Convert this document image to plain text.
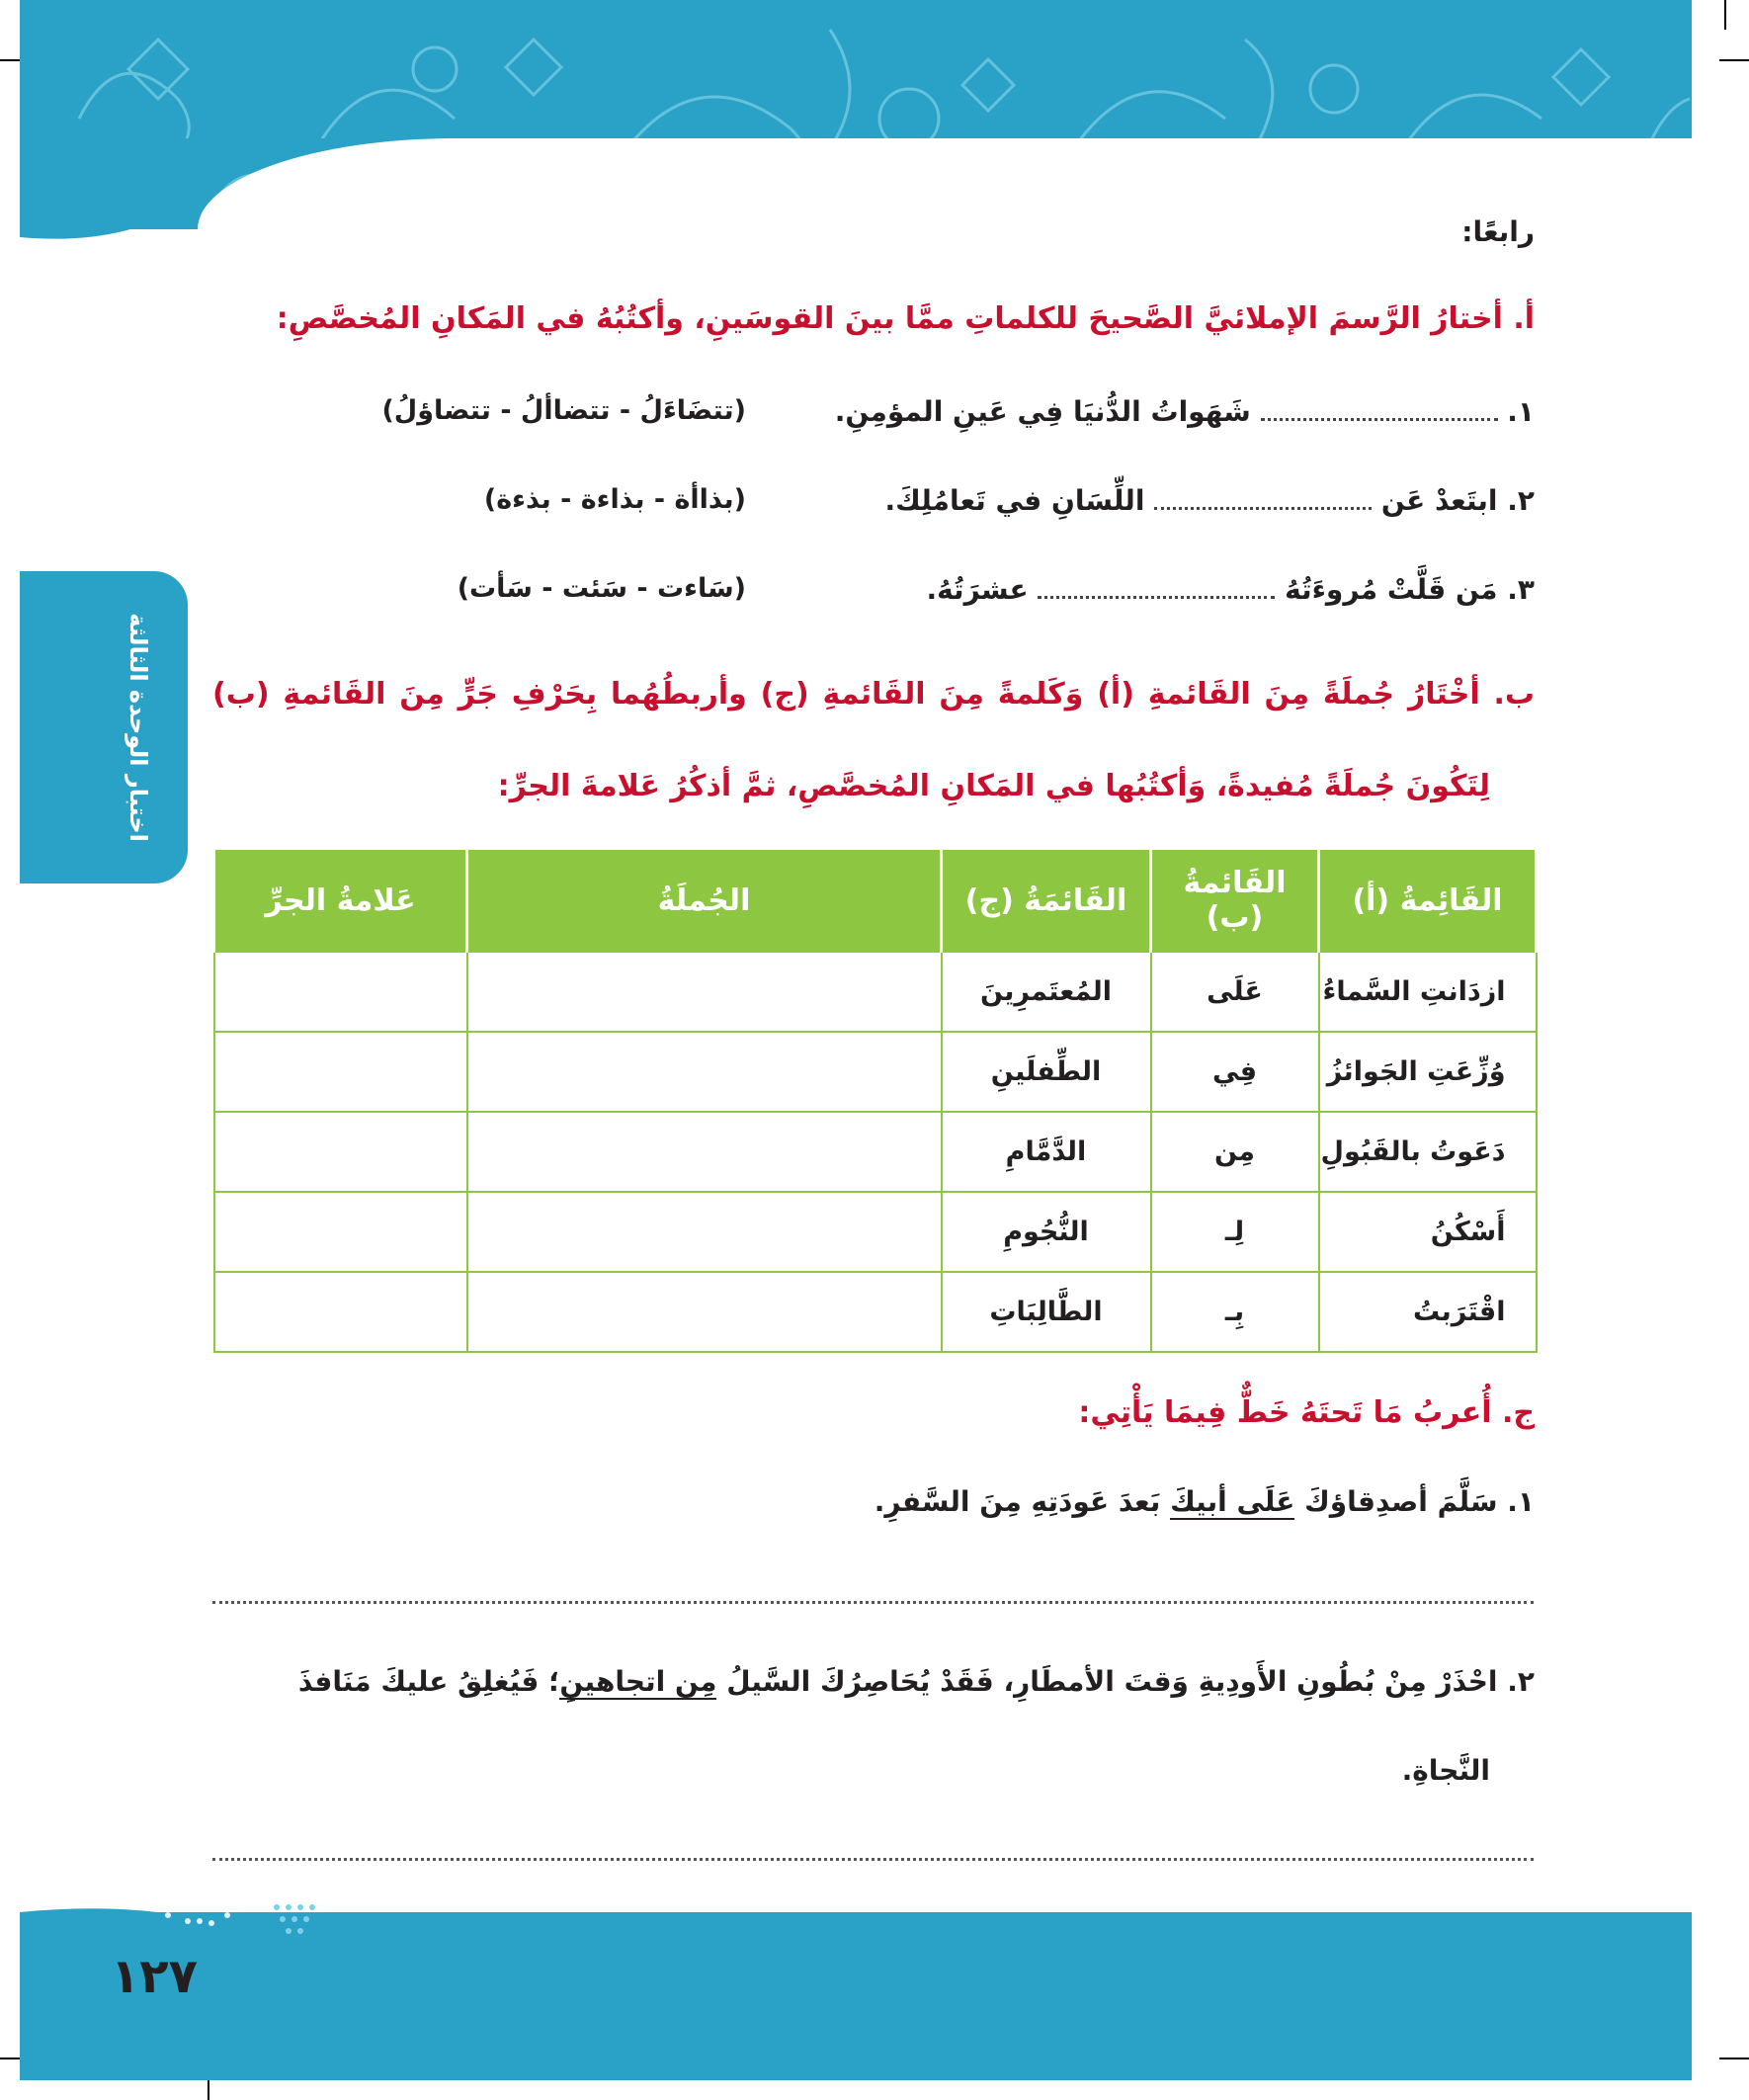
اختبار الوحدة الثالثة
رابعًا:
أ. أختارُ الرَّسمَ الإملائيَّ الصَّحيحَ للكلماتِ ممَّا بينَ القوسَينِ، وأكتُبُهُ في المَكانِ المُخصَّصِ:
١.  شَهَواتُ الدُّنيَا فِي عَينِ المؤمِنِ.
(تتضَاءَلُ - تتضاألُ - تتضاؤلُ)
٢. ابتَعدْ عَن  اللِّسَانِ في تَعامُلِكَ.
(بذاأة - بذاءة - بذءة)
٣. مَن قَلَّتْ مُروءَتُهُ  عشرَتُهُ.
(سَاءت - سَئت - سَأت)
ب. أخْتَارُ جُملَةً مِنَ القَائمةِ (أ) وَكَلمةً مِنَ القَائمةِ (ج) وأربطُهُما بِحَرْفِ جَرٍّ مِنَ القَائمةِ (ب)
لِتَكُونَ جُملَةً مُفيدةً، وَأكتُبُها في المَكانِ المُخصَّصِ، ثمَّ أذكُرُ عَلامةَ الجرِّ:
القَائِمةُ (أ)	القَائمةُ (ب)	القَائمَةُ (ج)	الجُملَةُ	عَلامةُ الجرِّ
ازدَانتِ السَّماءُ	عَلَى	المُعتَمرِينَ		
وُزِّعَتِ الجَوائزُ	فِي	الطِّفلَينِ		
دَعَوتُ بالقَبُولِ	مِن	الدَّمَّامِ		
أَسْكُنُ	لِـ	النُّجُومِ		
اقْتَرَبتُ	بِـ	الطَّالِبَاتِ		
ج. أُعربُ مَا تَحتَهُ خَطٌّ فِيمَا يَأْتِي:
١. سَلَّمَ أصدِقاؤكَ عَلَى أبيكَ بَعدَ عَودَتِهِ مِنَ السَّفرِ.
٢. احْذَرْ مِنْ بُطُونِ الأَودِيةِ وَقتَ الأمطَارِ، فَقَدْ يُحَاصِرُكَ السَّيلُ مِن اتجاهينِ؛ فَيُغلِقُ عليكَ مَنَافذَ
النَّجاةِ.
١٢٧
